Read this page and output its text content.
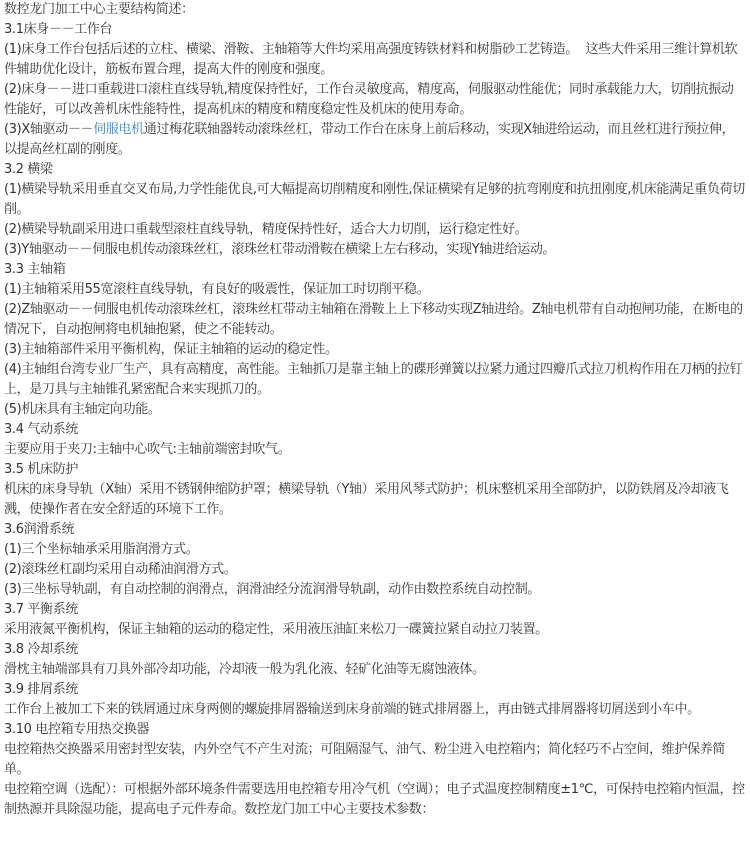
数控龙门加工中心主要结构简述：

3.1床身－－工作台

(1)床身工作台包括后述的立柱、横梁、滑鞍、主轴箱等大件均采用高强度铸铁材料和树脂砂工艺铸造。  这些大件采用三维计算机软件辅助优化设计，筋板布置合理，提高大件的刚度和强度。

(2)床身－－进口重载进口滚柱直线导轨,精度保持性好，工作台灵敏度高，精度高，伺服驱动性能优；同时承载能力大，切削抗振动性能好，可以改善机床性能特性，提高机床的精度和精度稳定性及机床的使用寿命。

(3)X轴驱动－－伺服电机通过梅花联轴器转动滚珠丝杠，带动工作台在床身上前后移动，实现X轴进给运动，而且丝杠进行预拉伸，以提高丝杠副的刚度。

3.2 横梁

(1)横梁导轨采用垂直交叉布局,力学性能优良,可大幅提高切削精度和刚性,保证横梁有足够的抗弯刚度和抗扭刚度,机床能满足重负荷切削。

(2)横梁导轨副采用进口重载型滚柱直线导轨，精度保持性好，适合大力切削，运行稳定性好。

(3)Y轴驱动－－伺服电机传动滚珠丝杠，滚珠丝杠带动滑鞍在横梁上左右移动，实现Y轴进给运动。

3.3 主轴箱

(1)主轴箱采用55宽滚柱直线导轨，有良好的吸震性，保证加工时切削平稳。

(2)Z轴驱动－－伺服电机传动滚珠丝杠，滚珠丝杠带动主轴箱在滑鞍上上下移动实现Z轴进给。Z轴电机带有自动抱闸功能，在断电的情况下，自动抱闸将电机轴抱紧，使之不能转动。

(3)主轴箱部件采用平衡机构，保证主轴箱的运动的稳定性。

(4)主轴组台湾专业厂生产，具有高精度，高性能。主轴抓刀是靠主轴上的碟形弹簧以拉紧力通过四瓣爪式拉刀机构作用在刀柄的拉钉上，是刀具与主轴锥孔紧密配合来实现抓刀的。

(5)机床具有主轴定向功能。

3.4 气动系统

主要应用于夹刀:主轴中心吹气:主轴前端密封吹气。

3.5 机床防护

机床的床身导轨（X轴）采用不锈钢伸缩防护罩；横梁导轨（Y轴）采用风琴式防护；机床整机采用全部防护，以防铁屑及冷却液飞溅，使操作者在安全舒适的环境下工作。

3.6润滑系统

(1)三个坐标轴承采用脂润滑方式。

(2)滚珠丝杠副均采用自动稀油润滑方式。

(3)三坐标导轨副，有自动控制的润滑点，润滑油经分流润滑导轨副，动作由数控系统自动控制。

3.7 平衡系统

采用液氮平衡机构，保证主轴箱的运动的稳定性，采用液压油缸来松刀一碟簧拉紧自动拉刀装置。

3.8 冷却系统

滑枕主轴端部具有刀具外部冷却功能，冷却液一般为乳化液、轻矿化油等无腐蚀液体。

3.9 排屑系统

工作台上被加工下来的铁屑通过床身两侧的螺旋排屑器输送到床身前端的链式排屑器上，再由链式排屑器将切屑送到小车中。

3.10 电控箱专用热交换器

电控箱热交换器采用密封型安装，内外空气不产生对流；可阻隔湿气、油气、粉尘进入电控箱内；简化轻巧不占空间，维护保养简单。

电控箱空调（选配）：可根据外部环境条件需要选用电控箱专用冷气机（空调）；电子式温度控制精度±1℃，可保持电控箱内恒温，控制热源并具除湿功能，提高电子元件寿命。数控龙门加工中心主要技术参数：
